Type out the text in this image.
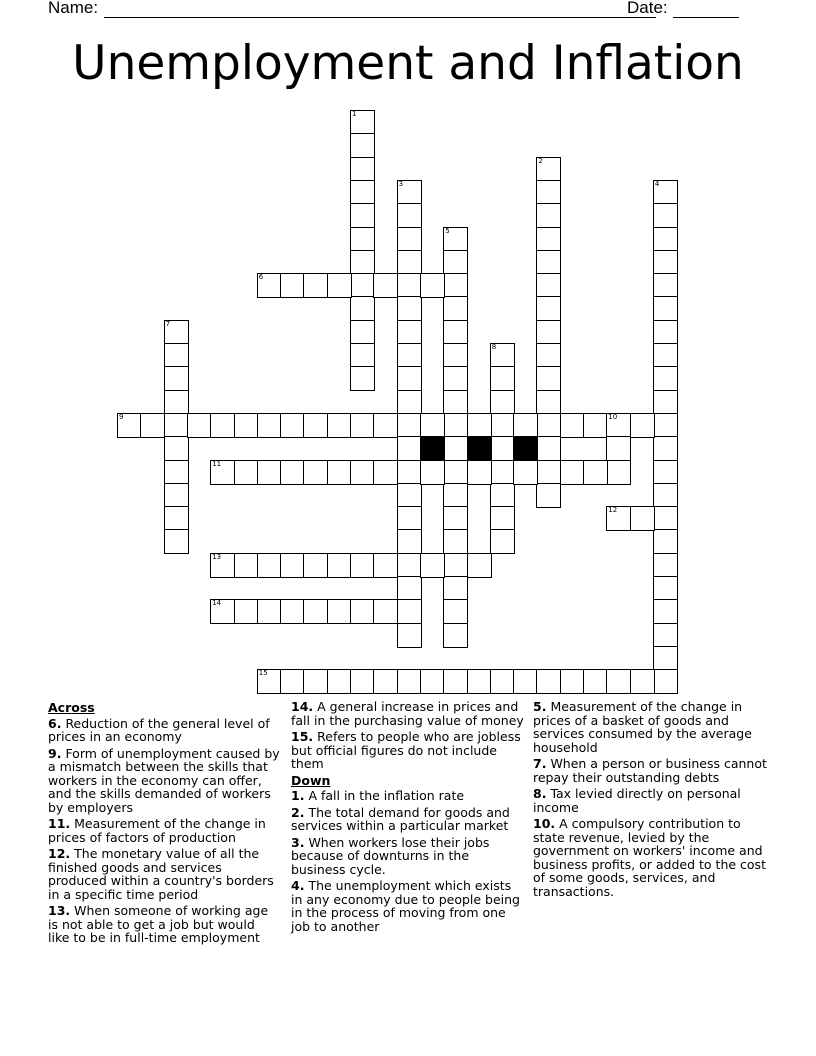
Name:	Date:
Unemployment and Inflation
1
2
3	4
5
6
7
8
9	10
11
12
13
14
15
Across
6. Reduction of the general level of prices in an economy
9. Form of unemployment caused by a mismatch between the skills that workers in the economy can offer, and the skills demanded of workers by employers
11. Measurement of the change in prices of factors of production
12. The monetary value of all the finished goods and services produced within a country's borders in a specific time period
13. When someone of working age is not able to get a job but would like to be in full-time employment
14. A general increase in prices and fall in the purchasing value of money
15. Refers to people who are jobless but official figures do not include them
Down
1. A fall in the inflation rate
2. The total demand for goods and services within a particular market
3. When workers lose their jobs because of downturns in the business cycle.
4. The unemployment which exists in any economy due to people being in the process of moving from one job to another
5. Measurement of the change in prices of a basket of goods and services consumed by the average household
7. When a person or business cannot repay their outstanding debts
8. Tax levied directly on personal income
10. A compulsory contribution to state revenue, levied by the government on workers' income and business profits, or added to the cost of some goods, services, and transactions.
